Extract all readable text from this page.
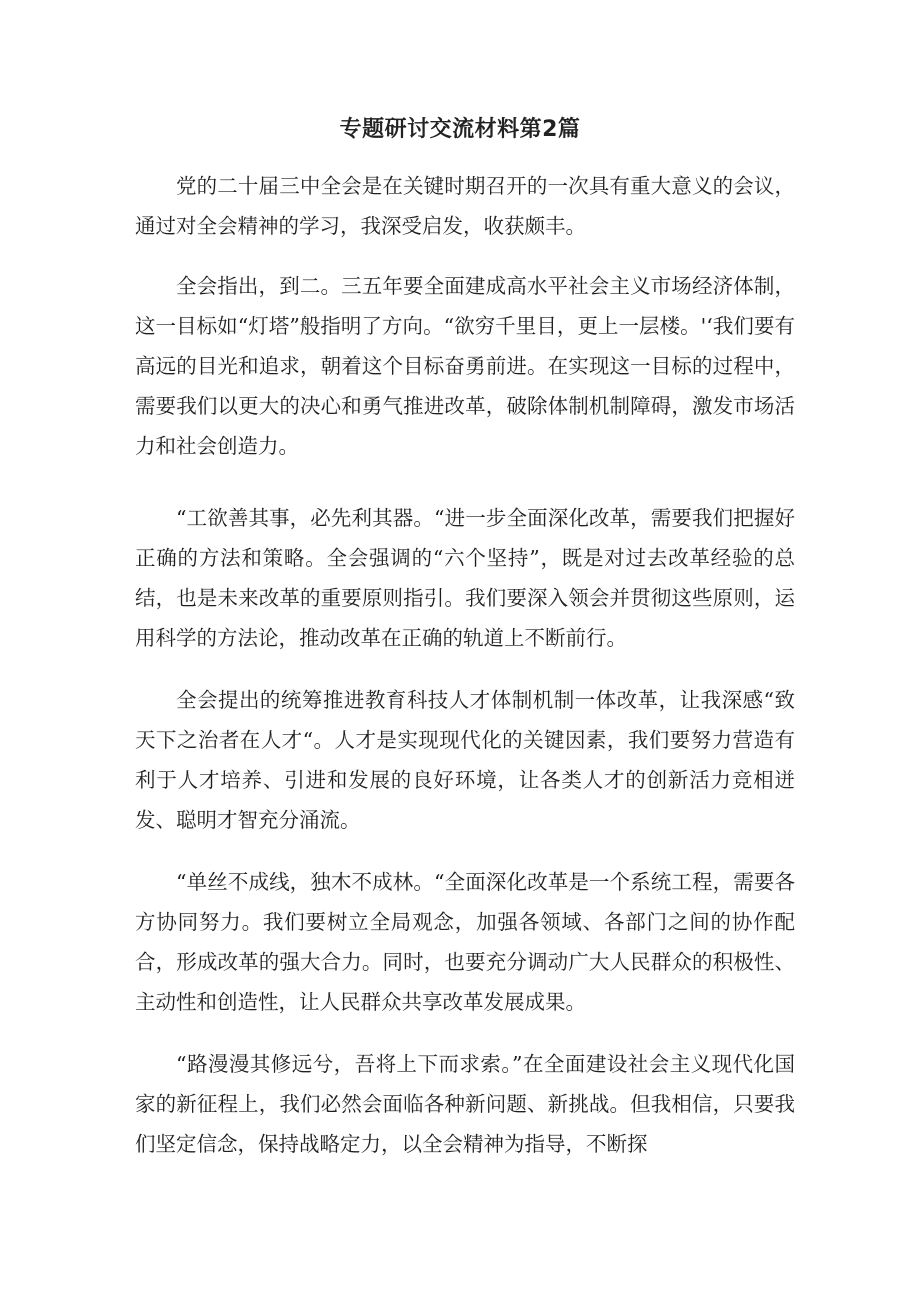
专题研讨交流材料第2篇

党的二十届三中全会是在关键时期召开的一次具有重大意义的会议，通过对全会精神的学习，我深受启发，收获颇丰。

全会指出，到二。三五年要全面建成高水平社会主义市场经济体制，这一目标如“灯塔”般指明了方向。“欲穷千里目，更上一层楼。'‘我们要有高远的目光和追求，朝着这个目标奋勇前进。在实现这一目标的过程中，需要我们以更大的决心和勇气推进改革，破除体制机制障碍，激发市场活力和社会创造力。

“工欲善其事，必先利其器。“进一步全面深化改革，需要我们把握好正确的方法和策略。全会强调的“六个坚持”，既是对过去改革经验的总结，也是未来改革的重要原则指引。我们要深入领会并贯彻这些原则，运用科学的方法论，推动改革在正确的轨道上不断前行。

全会提出的统筹推进教育科技人才体制机制一体改革，让我深感“致天下之治者在人才“。人才是实现现代化的关键因素，我们要努力营造有利于人才培养、引进和发展的良好环境，让各类人才的创新活力竞相迸发、聪明才智充分涌流。

“单丝不成线，独木不成林。“全面深化改革是一个系统工程，需要各方协同努力。我们要树立全局观念，加强各领域、各部门之间的协作配合，形成改革的强大合力。同时，也要充分调动广大人民群众的积极性、主动性和创造性，让人民群众共享改革发展成果。

“路漫漫其修远兮，吾将上下而求索。”在全面建设社会主义现代化国家的新征程上，我们必然会面临各种新问题、新挑战。但我相信，只要我们坚定信念，保持战略定力，以全会精神为指导，不断探
